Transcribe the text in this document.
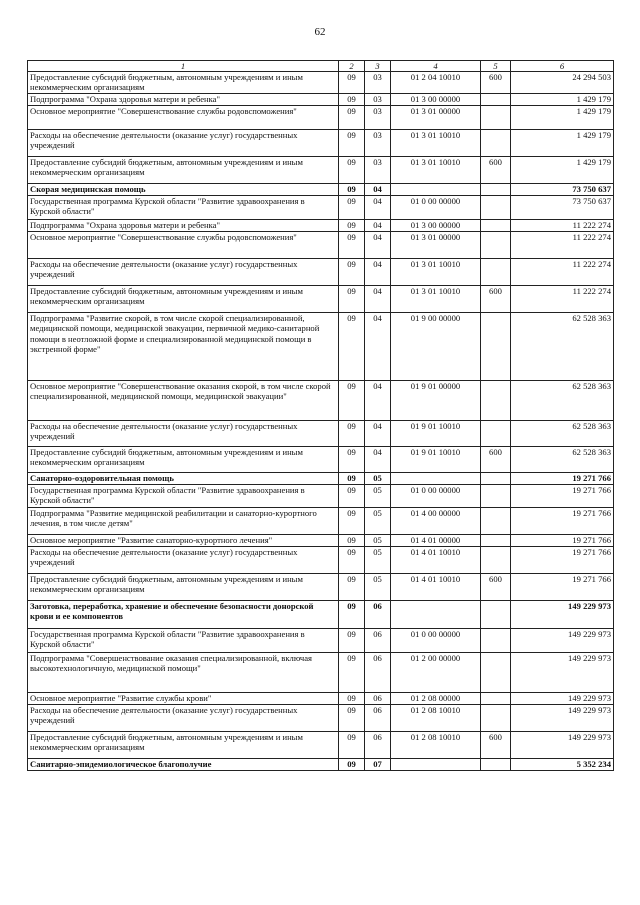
62
1	2	3	4	5	6
Предоставление субсидий бюджетным, автономным учреждениям и иным некоммерческим организациям	09	03	01 2 04 10010	600	24 294 503
Подпрограмма "Охрана здоровья матери и ребенка"	09	03	01 3 00 00000		1 429 179
Основное мероприятие "Совершенствование службы родовспоможения"	09	03	01 3 01 00000		1 429 179
Расходы на обеспечение деятельности (оказание услуг) государственных учреждений	09	03	01 3 01 10010		1 429 179
Предоставление субсидий бюджетным, автономным учреждениям и иным некоммерческим организациям	09	03	01 3 01 10010	600	1 429 179
Скорая медицинская помощь	09	04			73 750 637
Государственная программа Курской области "Развитие здравоохранения в Курской области"	09	04	01 0 00 00000		73 750 637
Подпрограмма "Охрана здоровья матери и ребенка"	09	04	01 3 00 00000		11 222 274
Основное мероприятие "Совершенствование службы родовспоможения"	09	04	01 3 01 00000		11 222 274
Расходы на обеспечение деятельности (оказание услуг) государственных учреждений	09	04	01 3 01 10010		11 222 274
Предоставление субсидий бюджетным, автономным учреждениям и иным некоммерческим организациям	09	04	01 3 01 10010	600	11 222 274
Подпрограмма "Развитие скорой, в том числе скорой специализированной, медицинской помощи, медицинской эвакуации, первичной медико-санитарной помощи в неотложной форме и специализированной медицинской помощи в экстренной форме"	09	04	01 9 00 00000		62 528 363
Основное мероприятие "Совершенствование оказания скорой, в том числе скорой специализированной, медицинской помощи, медицинской эвакуации"	09	04	01 9 01 00000		62 528 363
Расходы на обеспечение деятельности (оказание услуг) государственных учреждений	09	04	01 9 01 10010		62 528 363
Предоставление субсидий бюджетным, автономным учреждениям и иным некоммерческим организациям	09	04	01 9 01 10010	600	62 528 363
Санаторно-оздоровительная помощь	09	05			19 271 766
Государственная программа Курской области "Развитие здравоохранения в Курской области"	09	05	01 0 00 00000		19 271 766
Подпрограмма "Развитие медицинской реабилитации и санаторно-курортного лечения, в том числе детям"	09	05	01 4 00 00000		19 271 766
Основное мероприятие "Развитие санаторно-курортного лечения"	09	05	01 4 01 00000		19 271 766
Расходы на обеспечение деятельности (оказание услуг) государственных учреждений	09	05	01 4 01 10010		19 271 766
Предоставление субсидий бюджетным, автономным учреждениям и иным некоммерческим организациям	09	05	01 4 01 10010	600	19 271 766
Заготовка, переработка, хранение и обеспечение безопасности донорской крови и ее компонентов	09	06			149 229 973
Государственная программа Курской области "Развитие здравоохранения в Курской области"	09	06	01 0 00 00000		149 229 973
Подпрограмма "Совершенствование оказания специализированной, включая высокотехнологичную, медицинской помощи"	09	06	01 2 00 00000		149 229 973
Основное мероприятие "Развитие службы крови"	09	06	01 2 08 00000		149 229 973
Расходы на обеспечение деятельности (оказание услуг) государственных учреждений	09	06	01 2 08 10010		149 229 973
Предоставление субсидий бюджетным, автономным учреждениям и иным некоммерческим организациям	09	06	01 2 08 10010	600	149 229 973
Санитарно-эпидемиологическое благополучие	09	07			5 352 234
